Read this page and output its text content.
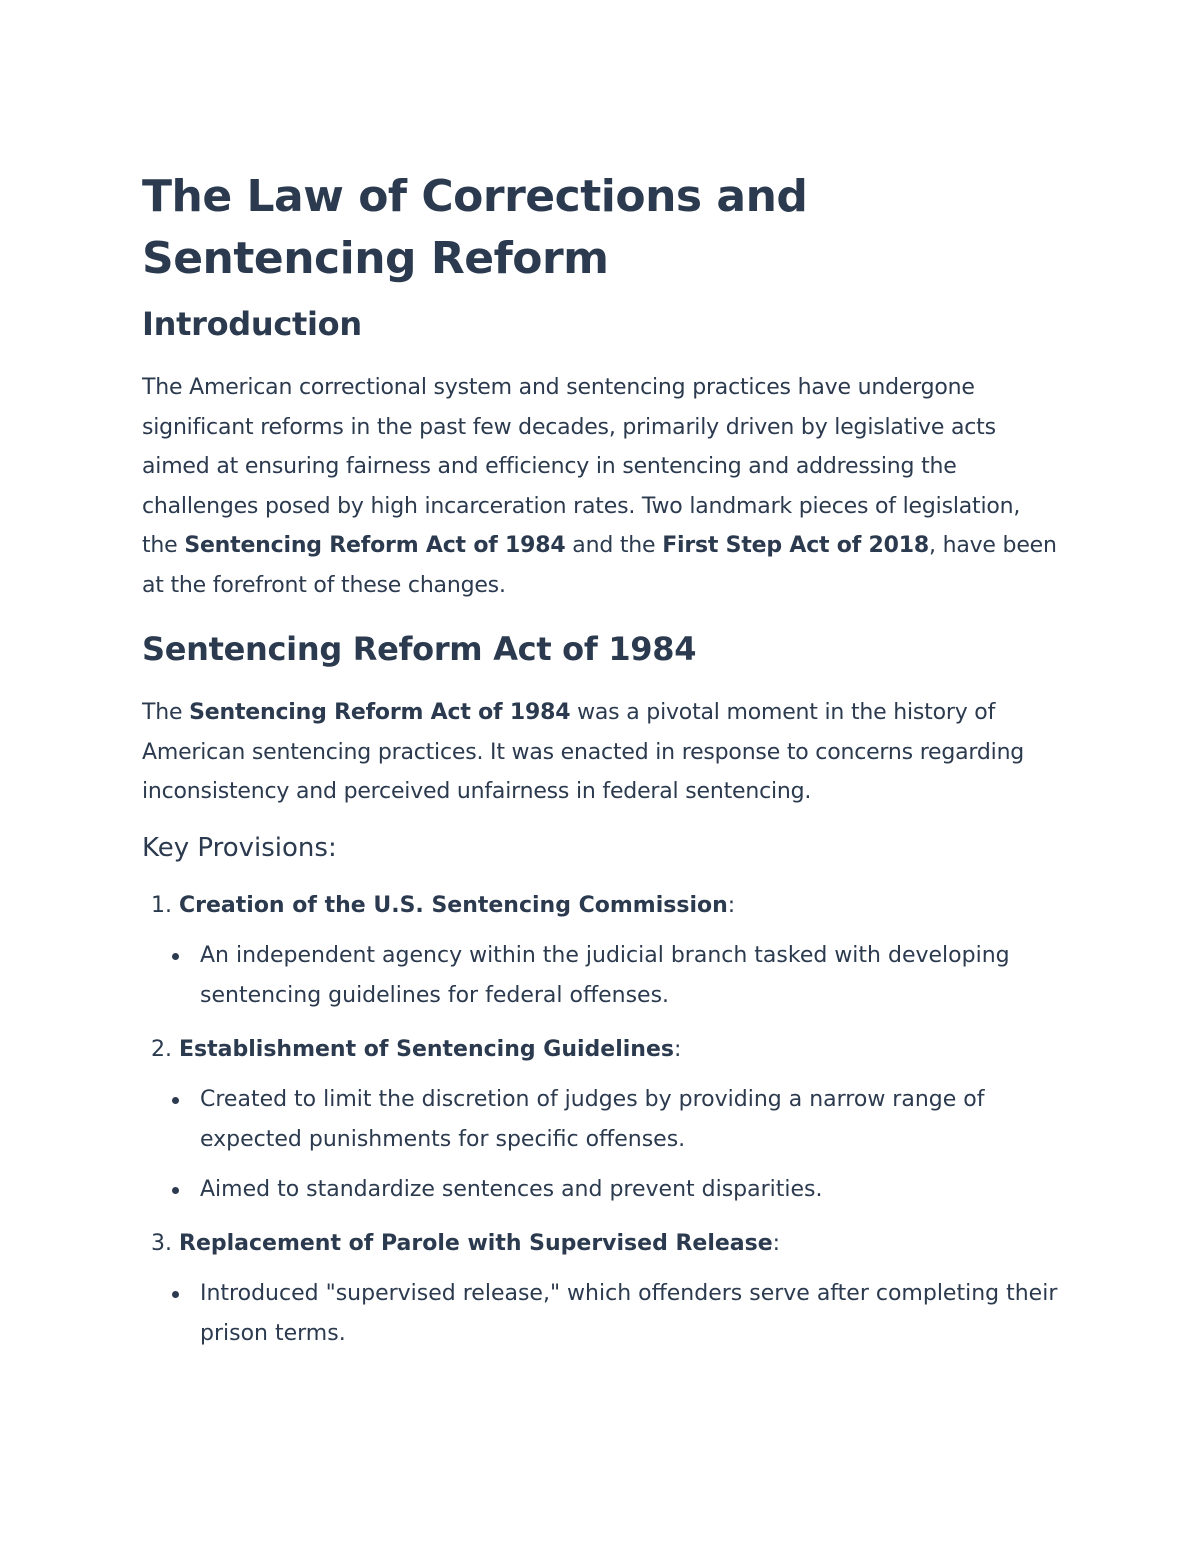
The Law of Corrections and Sentencing Reform
Introduction

The American correctional system and sentencing practices have undergone significant reforms in the past few decades, primarily driven by legislative acts aimed at ensuring fairness and efficiency in sentencing and addressing the challenges posed by high incarceration rates. Two landmark pieces of legislation, the Sentencing Reform Act of 1984 and the First Step Act of 2018, have been at the forefront of these changes.

Sentencing Reform Act of 1984

The Sentencing Reform Act of 1984 was a pivotal moment in the history of American sentencing practices. It was enacted in response to concerns regarding inconsistency and perceived unfairness in federal sentencing.

Key Provisions:
1.
Creation of the U.S. Sentencing Commission :
An independent agency within the judicial branch tasked with developing sentencing guidelines for federal offenses.
2.
Establishment of Sentencing Guidelines :
Created to limit the discretion of judges by providing a narrow range of expected punishments for specific offenses.
Aimed to standardize sentences and prevent disparities.
3.
Replacement of Parole with Supervised Release :
Introduced "supervised release," which offenders serve after completing their prison terms.
